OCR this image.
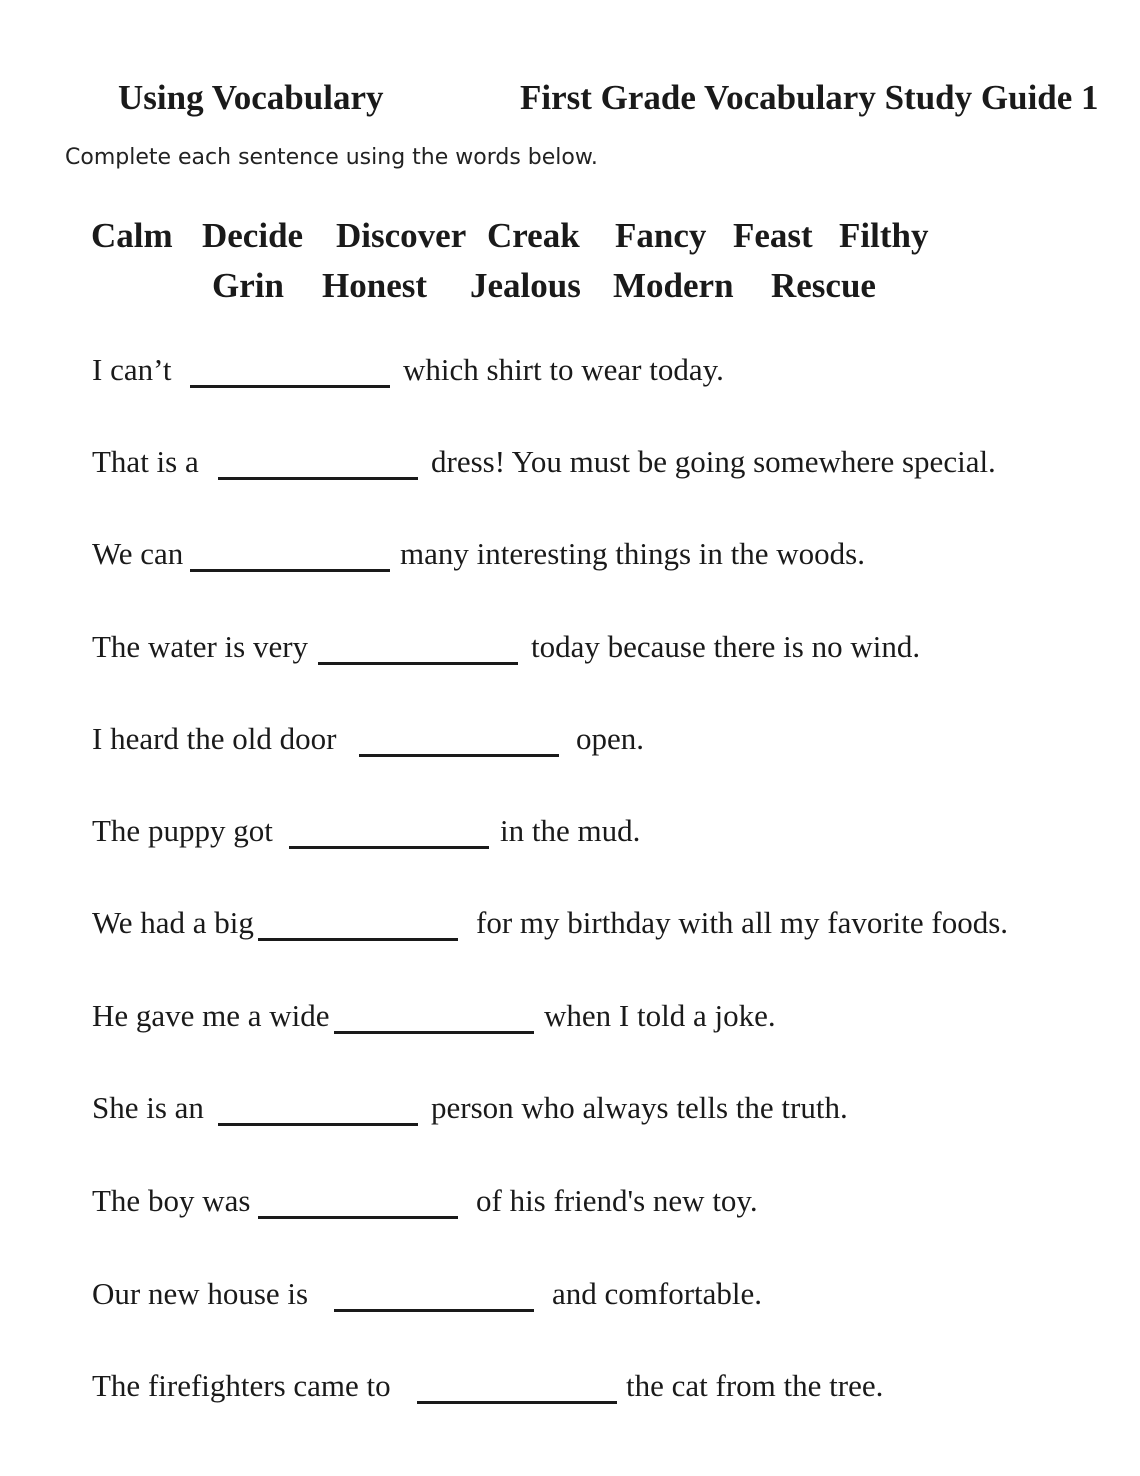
Using Vocabulary	First Grade Vocabulary Study Guide 1
Complete each sentence using the words below.
Calm Decide Discover Creak Fancy Feast Filthy
Grin Honest Jealous Modern Rescue
I can’t	which shirt to wear today.
That is a	dress! You must be going somewhere special.
We can	many interesting things in the woods.
The water is very	today because there is no wind.
I heard the old door	open.
The puppy got	in the mud.
We had a big	for my birthday with all my favorite foods.
He gave me a wide	when I told a joke.
She is an	person who always tells the truth.
The boy was	of his friend's new toy.
Our new house is	and comfortable.
The firefighters came to	the cat from the tree.
